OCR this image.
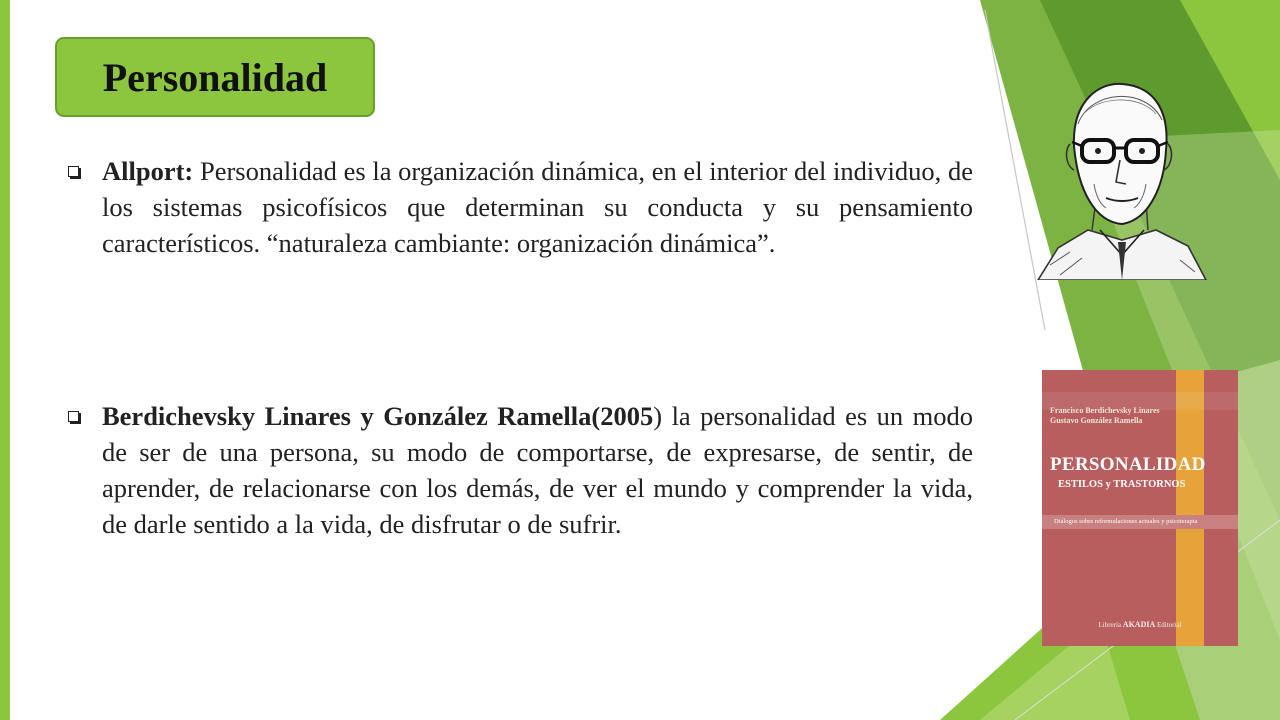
Personalidad
Allport: Personalidad es la organización dinámica, en el interior del individuo, de los sistemas psicofísicos que determinan su conducta y su pensamiento característicos. “naturaleza cambiante: organización dinámica”.
Berdichevsky Linares y González Ramella(2005) la personalidad es un modo de ser de una persona, su modo de comportarse, de expresarse, de sentir, de aprender, de relacionarse con los demás, de ver el mundo y comprender la vida, de darle sentido a la vida, de disfrutar o de sufrir.
Francisco Berdichevsky Linares
Gustavo González Ramella
PERSONALIDAD
ESTILOS y TRASTORNOS
Diálogos sobre reformulaciones actuales y psicoterapia
Librería AKADIA Editorial
